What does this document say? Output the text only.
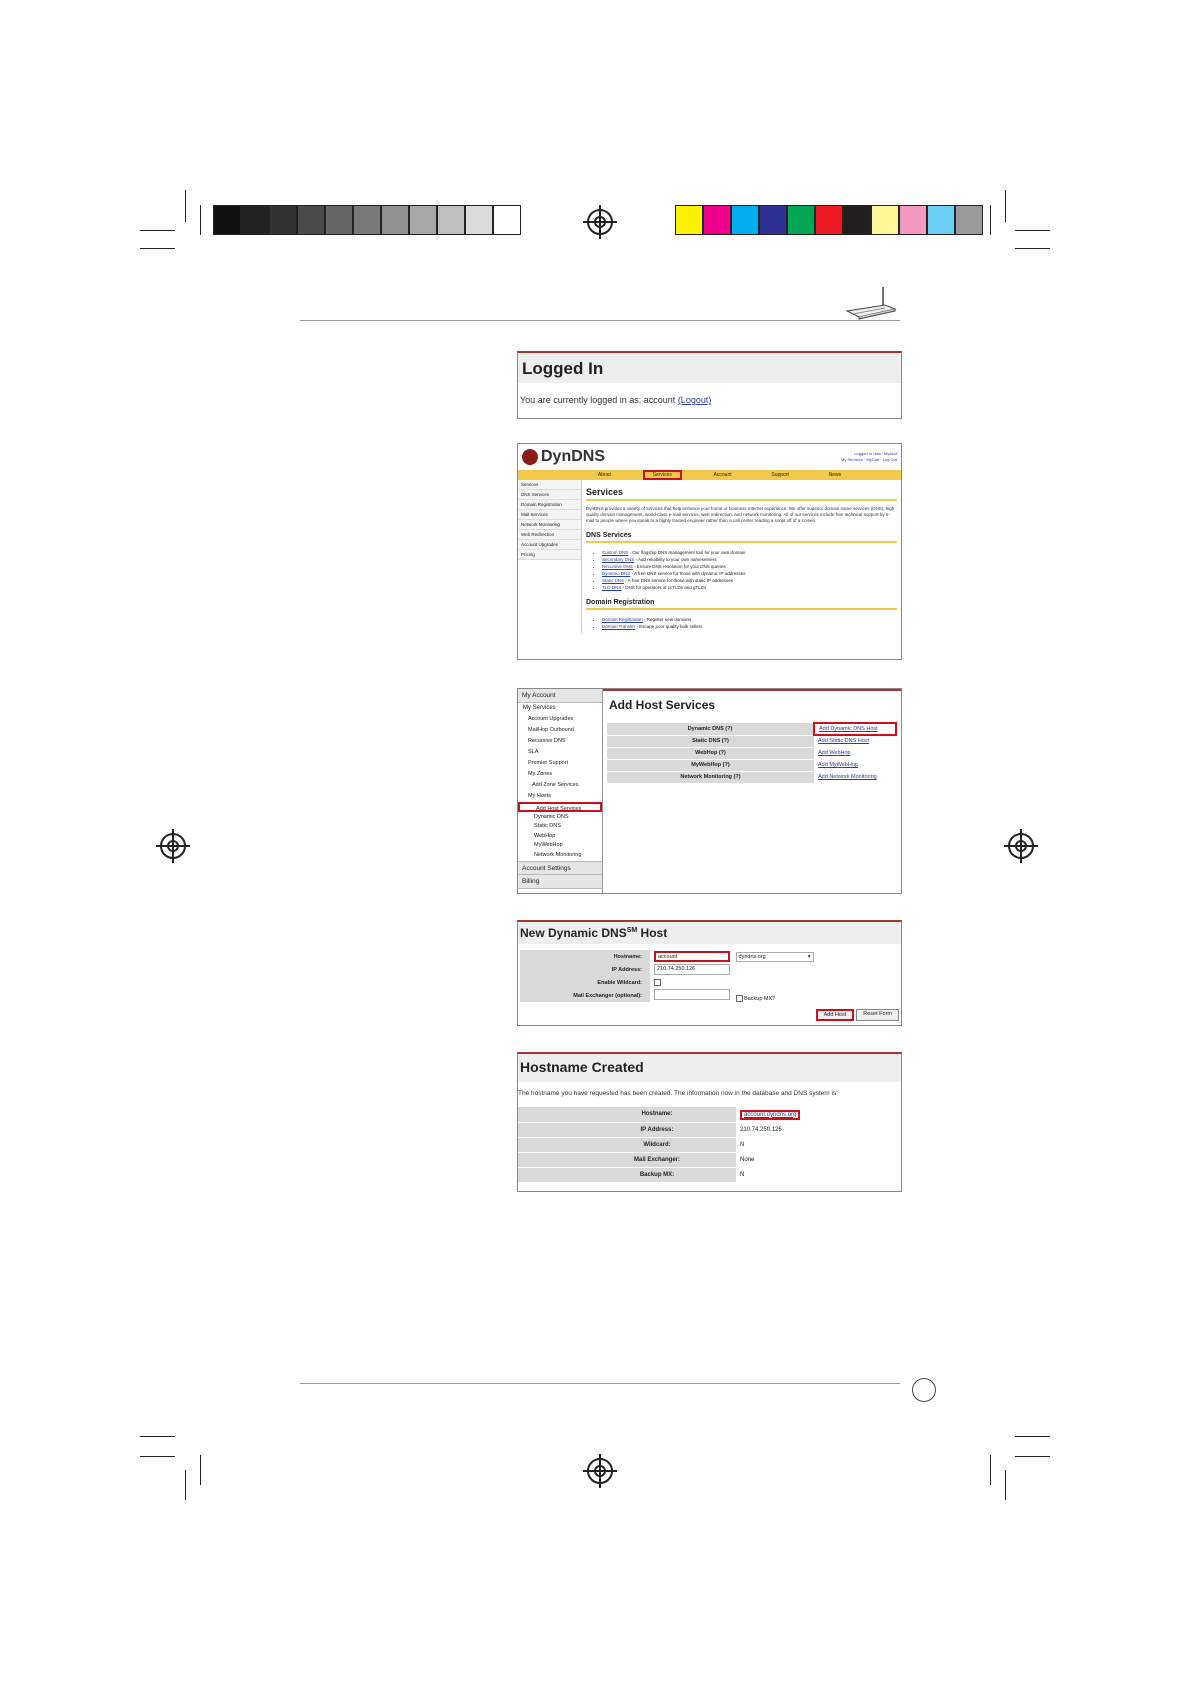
Logged In
You are currently logged in as: account (Logout)
DynDNS	Logged In User: MyAcct
My Services · MyCart · Log Out
About	Services	Account	Support	News
Services
DNS Services
Domain Registration
Mail Services
Network Monitoring
Web Redirection
Account Upgrades
Pricing
Services

DynDNS provides a variety of services that help enhance your home or business Internet experience. We offer superior domain name services (DNS), high quality domain management, world-class e-mail services, web redirection, and network monitoring. All of our services include free technical support by e-mail to people where you speak to a highly trained engineer rather than a call center reading a script off of a screen.

DNS Services
• Custom DNS - Our flagship DNS management tool for your own domain
• Secondary DNS - Add reliability to your own nameservers
• Recursive DNS - Ensure DNS resolution for your DNS queries
• Dynamic DNS - A free DNS service for those with dynamic IP addresses
• Static DNS - A free DNS service for those with static IP addresses
• TLD DNS - DNS for operators of ccTLDs and gTLDs
Domain Registration
• Domain Registration - Register new domains
• Domain Transfer - Escape poor quality bulk sellers
My Account
My Services
Account Upgrades
MailHop Outbound
Recursive DNS
SLA
Premier Support
My Zones
Add Zone Services
My Hosts
Add Host Services
Dynamic DNS
Static DNS
WebHop
MyWebHop
Network Monitoring
Account Settings
Billing
Add Host Services
Dynamic DNS (?)	Add Dynamic DNS Host
Static DNS (?)	Add Static DNS Host
WebHop (?)	Add WebHop
MyWebHop (?)	Add MyWebHop
Network Monitoring (?)	Add Network Monitoring
New Dynamic DNS℠ Host
Hostname:	account dyndns.org ▾

IP Address:	210.74.250.126
Enable Wildcard:	
Mail Exchanger (optional):	Backup MX?
Add Host	Reset Form
Hostname Created
The hostname you have requested has been created. The information now in the database and DNS system is:
Hostname:	account.dyndns.org
IP Address:	210.74.250.126
Wildcard:	N
Mail Exchanger:	None
Backup MX:	N
